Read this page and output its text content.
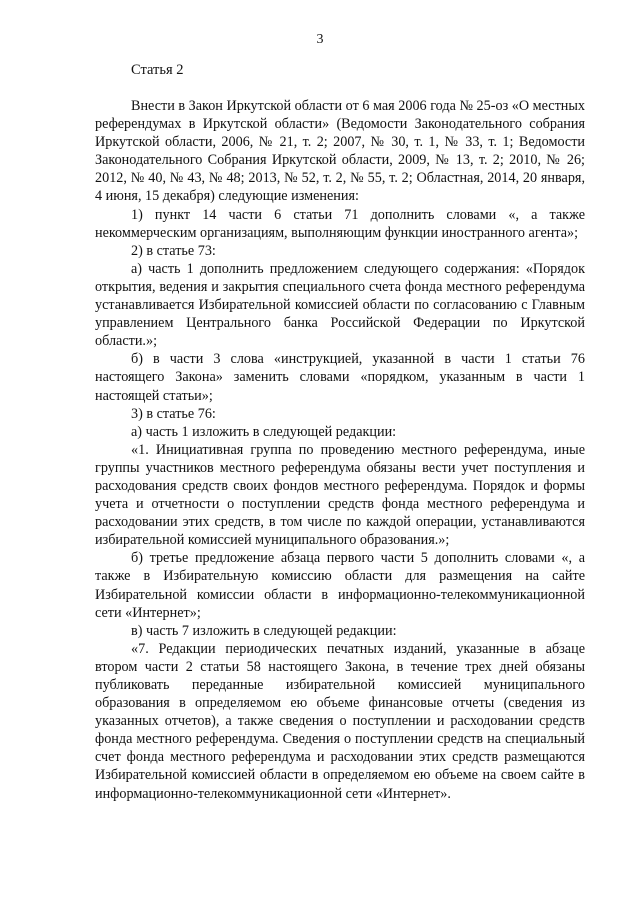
3
Статья 2

Внести в Закон Иркутской области от 6 мая 2006 года № 25-оз «О местных референдумах в Иркутской области» (Ведомости Законодательного собрания Иркутской области, 2006, № 21, т. 2; 2007, № 30, т. 1, № 33, т. 1; Ведомости Законодательного Собрания Иркутской области, 2009, № 13, т. 2; 2010, № 26; 2012, № 40, № 43, № 48; 2013, № 52, т. 2, № 55, т. 2; Областная, 2014, 20 января, 4 июня, 15 декабря) следующие изменения:

1) пункт 14 части 6 статьи 71 дополнить словами «, а также некоммерческим организациям, выполняющим функции иностранного агента»;

2) в статье 73:

а) часть 1 дополнить предложением следующего содержания: «Порядок открытия, ведения и закрытия специального счета фонда местного референдума устанавливается Избирательной комиссией области по согласованию с Главным управлением Центрального банка Российской Федерации по Иркутской области.»;

б) в части 3 слова «инструкцией, указанной в части 1 статьи 76 настоящего Закона» заменить словами «порядком, указанным в части 1 настоящей статьи»;

3) в статье 76:

а) часть 1 изложить в следующей редакции:

«1. Инициативная группа по проведению местного референдума, иные группы участников местного референдума обязаны вести учет поступления и расходования средств своих фондов местного референдума. Порядок и формы учета и отчетности о поступлении средств фонда местного референдума и расходовании этих средств, в том числе по каждой операции, устанавливаются избирательной комиссией муниципального образования.»;

б) третье предложение абзаца первого части 5 дополнить словами «, а также в Избирательную комиссию области для размещения на сайте Избирательной комиссии области в информационно-телекоммуникационной сети «Интернет»;

в) часть 7 изложить в следующей редакции:

«7. Редакции периодических печатных изданий, указанные в абзаце втором части 2 статьи 58 настоящего Закона, в течение трех дней обязаны публиковать переданные избирательной комиссией муниципального образования в определяемом ею объеме финансовые отчеты (сведения из указанных отчетов), а также сведения о поступлении и расходовании средств фонда местного референдума. Сведения о поступлении средств на специальный счет фонда местного референдума и расходовании этих средств размещаются Избирательной комиссией области в определяемом ею объеме на своем сайте в информационно-телекоммуникационной сети «Интернет».
